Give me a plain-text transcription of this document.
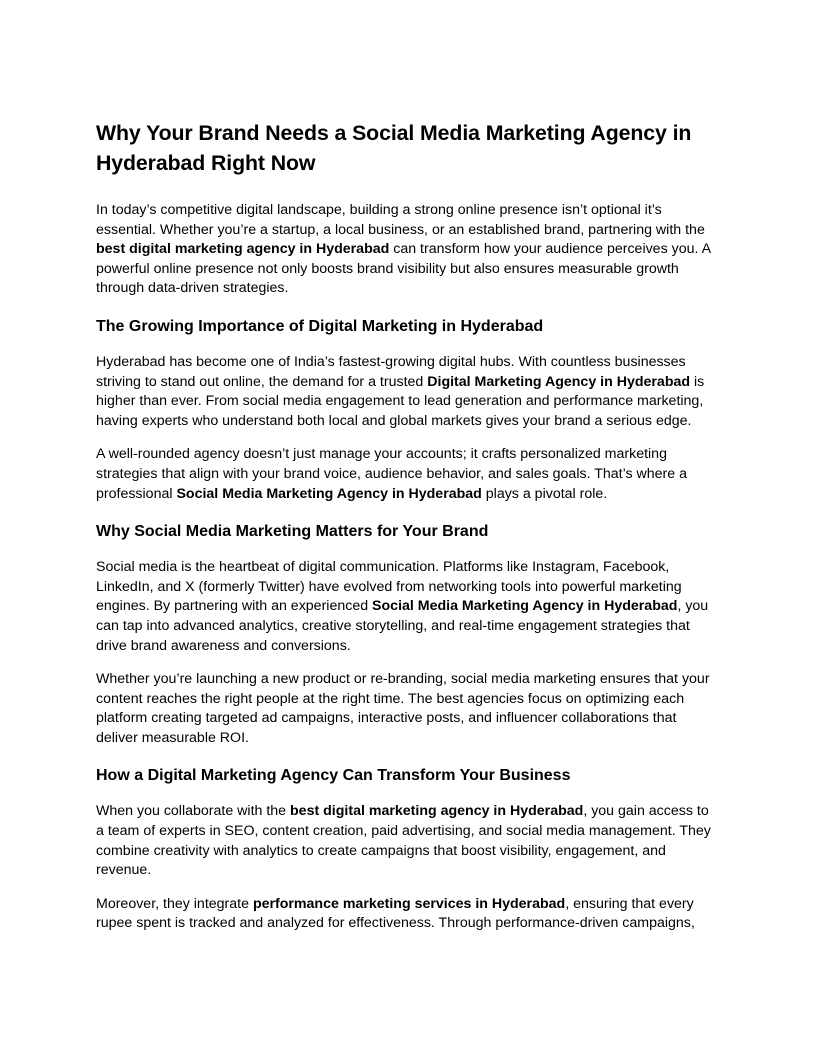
Why Your Brand Needs a Social Media Marketing Agency in Hyderabad Right Now

In today’s competitive digital landscape, building a strong online presence isn’t optional it’s essential. Whether you’re a startup, a local business, or an established brand, partnering with the best digital marketing agency in Hyderabad can transform how your audience perceives you. A powerful online presence not only boosts brand visibility but also ensures measurable growth through data-driven strategies.

The Growing Importance of Digital Marketing in Hyderabad

Hyderabad has become one of India’s fastest-growing digital hubs. With countless businesses striving to stand out online, the demand for a trusted Digital Marketing Agency in Hyderabad is higher than ever. From social media engagement to lead generation and performance marketing, having experts who understand both local and global markets gives your brand a serious edge.

A well-rounded agency doesn’t just manage your accounts; it crafts personalized marketing strategies that align with your brand voice, audience behavior, and sales goals. That’s where a professional Social Media Marketing Agency in Hyderabad plays a pivotal role.

Why Social Media Marketing Matters for Your Brand

Social media is the heartbeat of digital communication. Platforms like Instagram, Facebook, LinkedIn, and X (formerly Twitter) have evolved from networking tools into powerful marketing engines. By partnering with an experienced Social Media Marketing Agency in Hyderabad, you can tap into advanced analytics, creative storytelling, and real-time engagement strategies that drive brand awareness and conversions.

Whether you’re launching a new product or re-branding, social media marketing ensures that your content reaches the right people at the right time. The best agencies focus on optimizing each platform creating targeted ad campaigns, interactive posts, and influencer collaborations that deliver measurable ROI.

How a Digital Marketing Agency Can Transform Your Business

When you collaborate with the best digital marketing agency in Hyderabad, you gain access to a team of experts in SEO, content creation, paid advertising, and social media management. They combine creativity with analytics to create campaigns that boost visibility, engagement, and revenue.

Moreover, they integrate performance marketing services in Hyderabad, ensuring that every rupee spent is tracked and analyzed for effectiveness. Through performance-driven campaigns,
